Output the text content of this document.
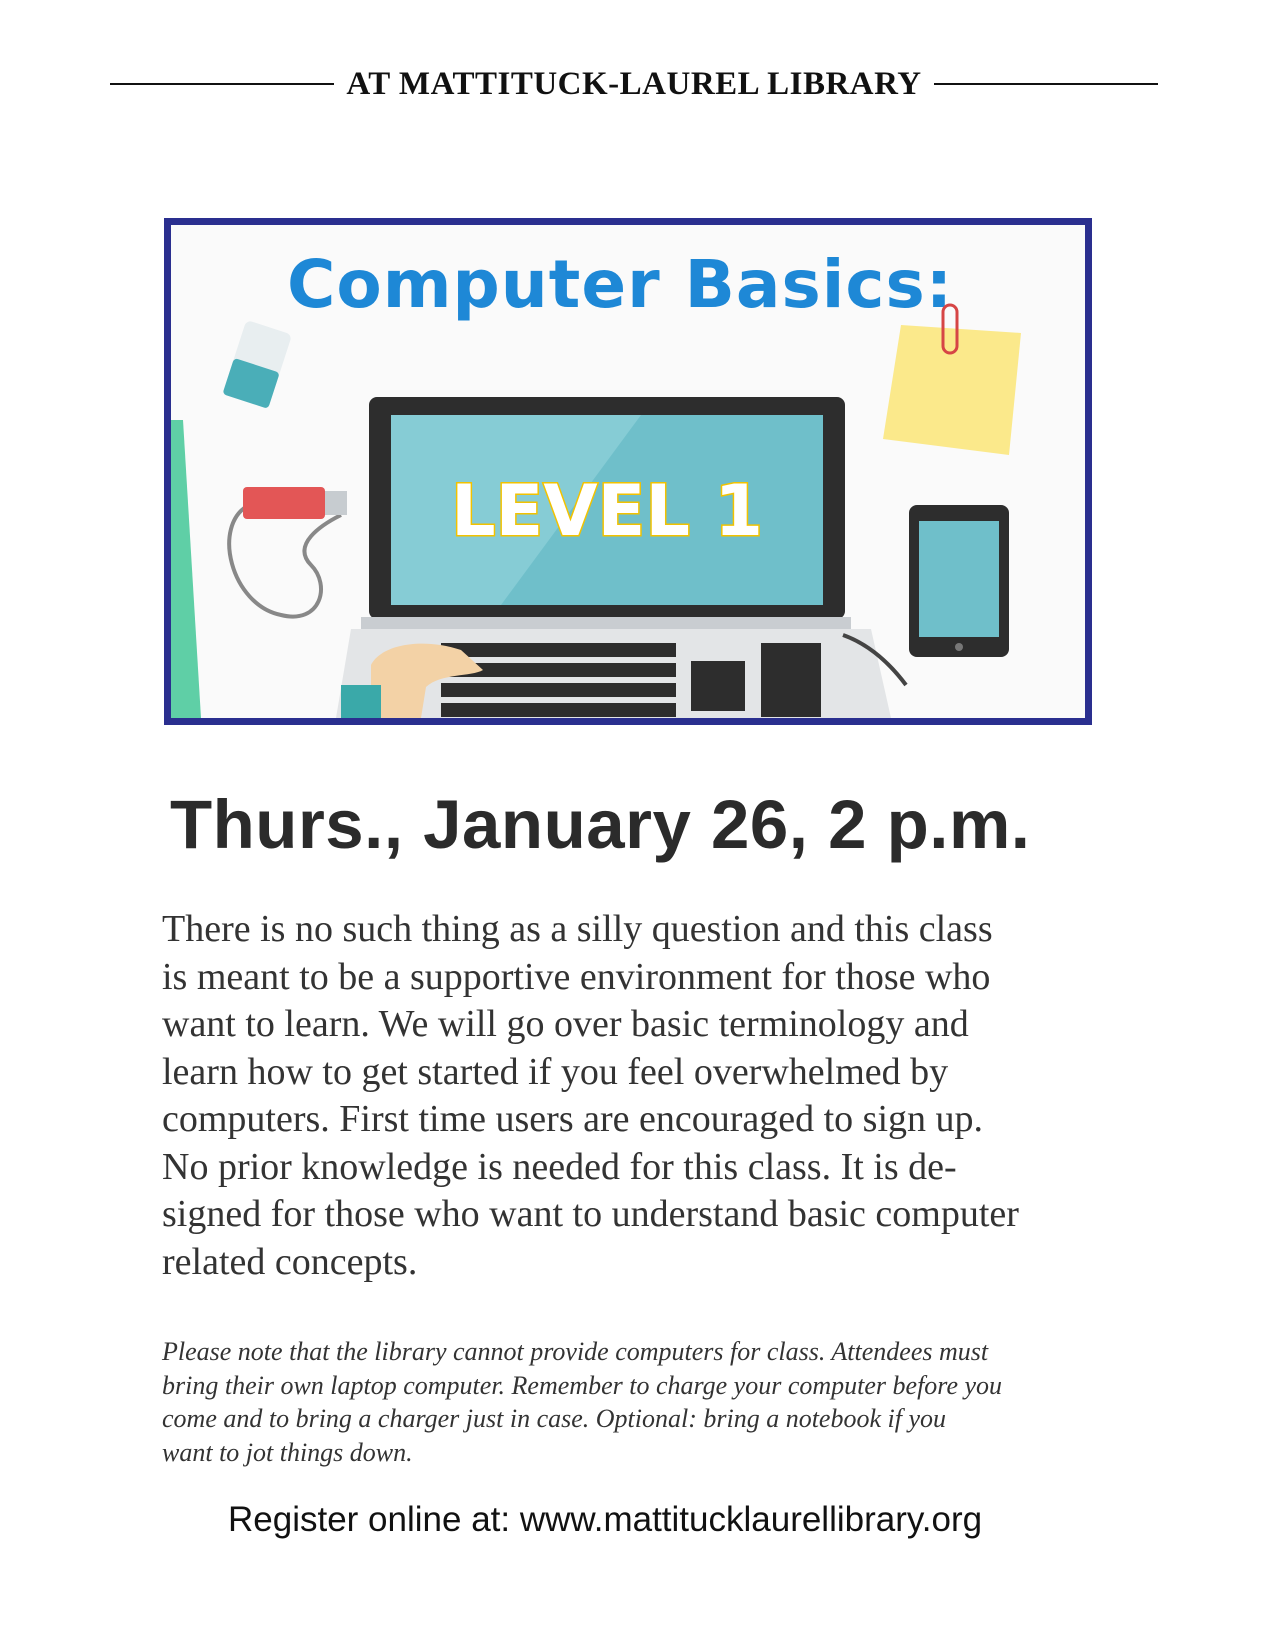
AT MATTITUCK-LAUREL LIBRARY
Computer Basics:
LEVEL 1
Thurs., January 26, 2 p.m.
There is no such thing as a silly question and this class
is meant to be a supportive environment for those who
want to learn. We will go over basic terminology and
learn how to get started if you feel overwhelmed by
computers. First time users are encouraged to sign up.
No prior knowledge is needed for this class. It is de-
signed for those who want to understand basic computer
related concepts.
Please note that the library cannot provide computers for class. Attendees must
bring their own laptop computer. Remember to charge your computer before you
come and to bring a charger just in case. Optional: bring a notebook if you
want to jot things down.
Register online at: www.mattitucklaurellibrary.org
